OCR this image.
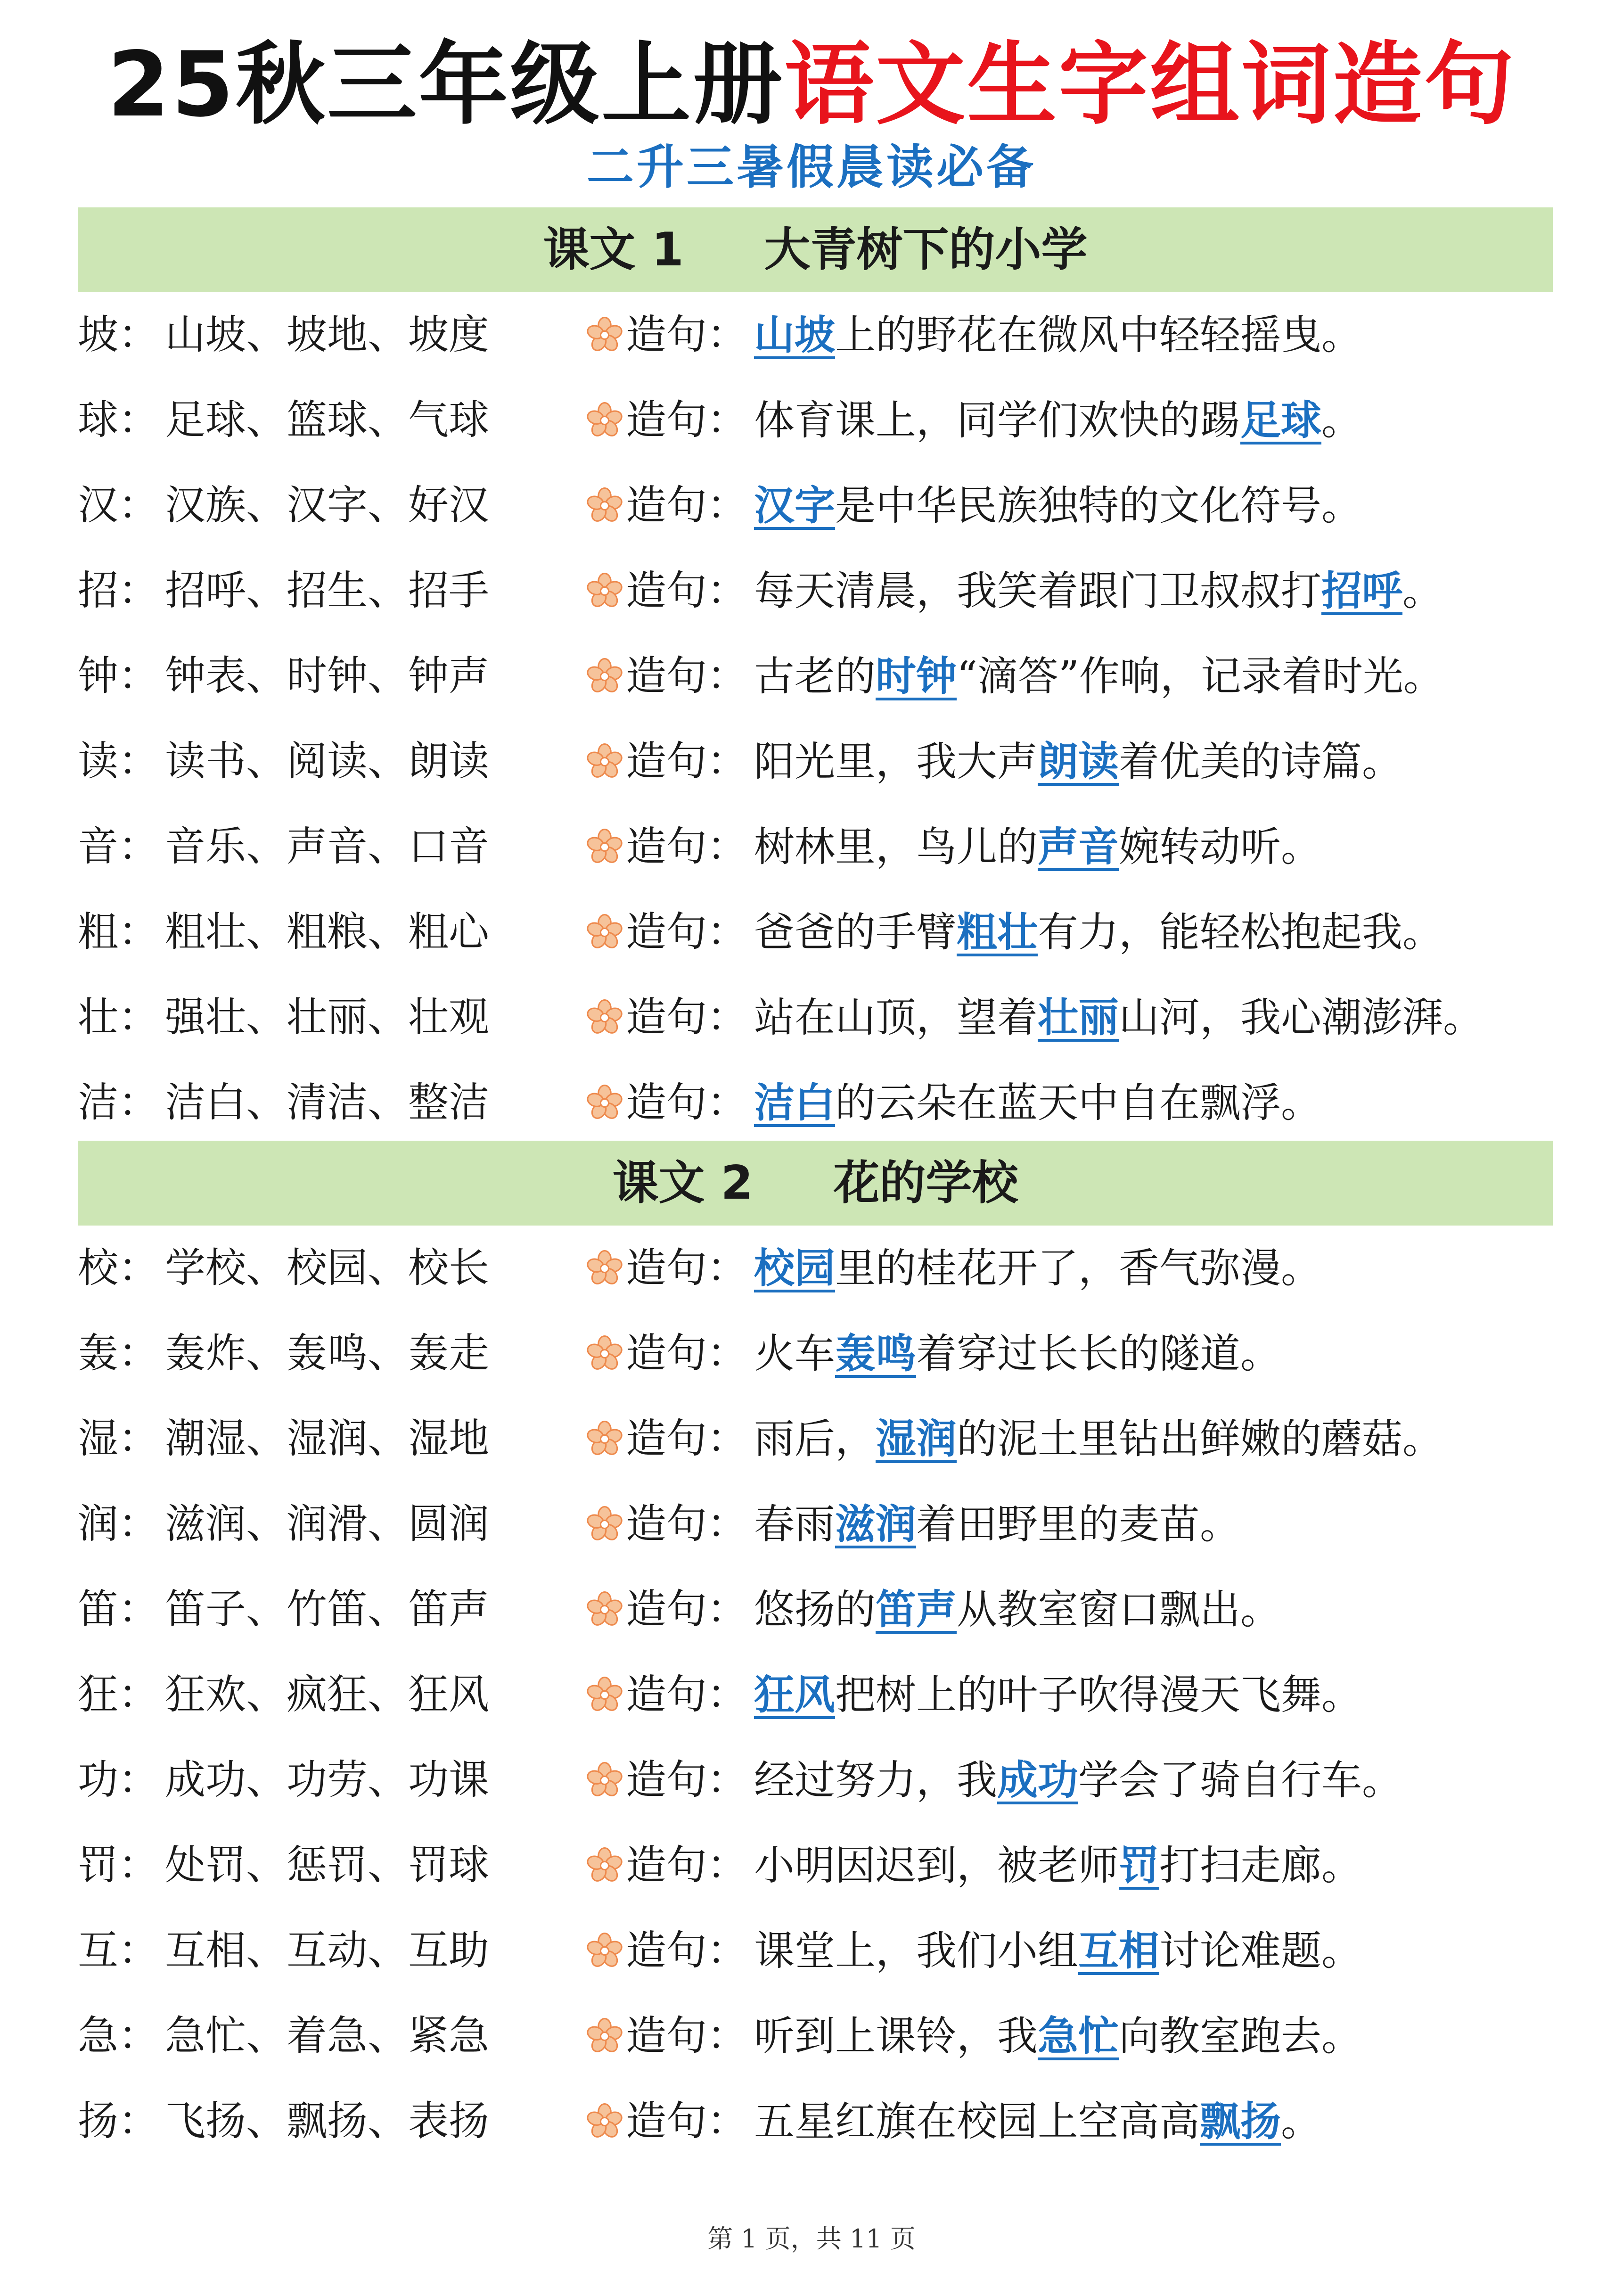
25秋三年级上册语文生字组词造句
二升三暑假晨读必备
课文 1     大青树下的小学
坡 ： 山坡、坡地、坡度	造句： 山坡上的野花在微风中轻轻摇曳。
球 ： 足球、篮球、气球	造句： 体育课上，同学们欢快的踢足球。
汉 ： 汉族、汉字、好汉	造句： 汉字是中华民族独特的文化符号。
招 ： 招呼、招生、招手	造句： 每天清晨，我笑着跟门卫叔叔打招呼。
钟 ： 钟表、时钟、钟声	造句： 古老的时钟“滴答”作响，记录着时光。
读 ： 读书、阅读、朗读	造句： 阳光里，我大声朗读着优美的诗篇。
音 ： 音乐、声音、口音	造句： 树林里，鸟儿的声音婉转动听。
粗 ： 粗壮、粗粮、粗心	造句： 爸爸的手臂粗壮有力，能轻松抱起我。
壮 ： 强壮、壮丽、壮观	造句： 站在山顶，望着壮丽山河，我心潮澎湃。
洁 ： 洁白、清洁、整洁	造句： 洁白的云朵在蓝天中自在飘浮。
课文 2     花的学校
校 ： 学校、校园、校长	造句： 校园里的桂花开了，香气弥漫。
轰 ： 轰炸、轰鸣、轰走	造句： 火车轰鸣着穿过长长的隧道。
湿 ： 潮湿、湿润、湿地	造句： 雨后，湿润的泥土里钻出鲜嫩的蘑菇。
润 ： 滋润、润滑、圆润	造句： 春雨滋润着田野里的麦苗。
笛 ： 笛子、竹笛、笛声	造句： 悠扬的笛声从教室窗口飘出。
狂 ： 狂欢、疯狂、狂风	造句： 狂风把树上的叶子吹得漫天飞舞。
功 ： 成功、功劳、功课	造句： 经过努力，我成功学会了骑自行车。
罚 ： 处罚、惩罚、罚球	造句： 小明因迟到，被老师罚打扫走廊。
互 ： 互相、互动、互助	造句： 课堂上，我们小组互相讨论难题。
急 ： 急忙、着急、紧急	造句： 听到上课铃，我急忙向教室跑去。
扬 ： 飞扬、飘扬、表扬	造句： 五星红旗在校园上空高高飘扬。
第 1 页，共 11 页
